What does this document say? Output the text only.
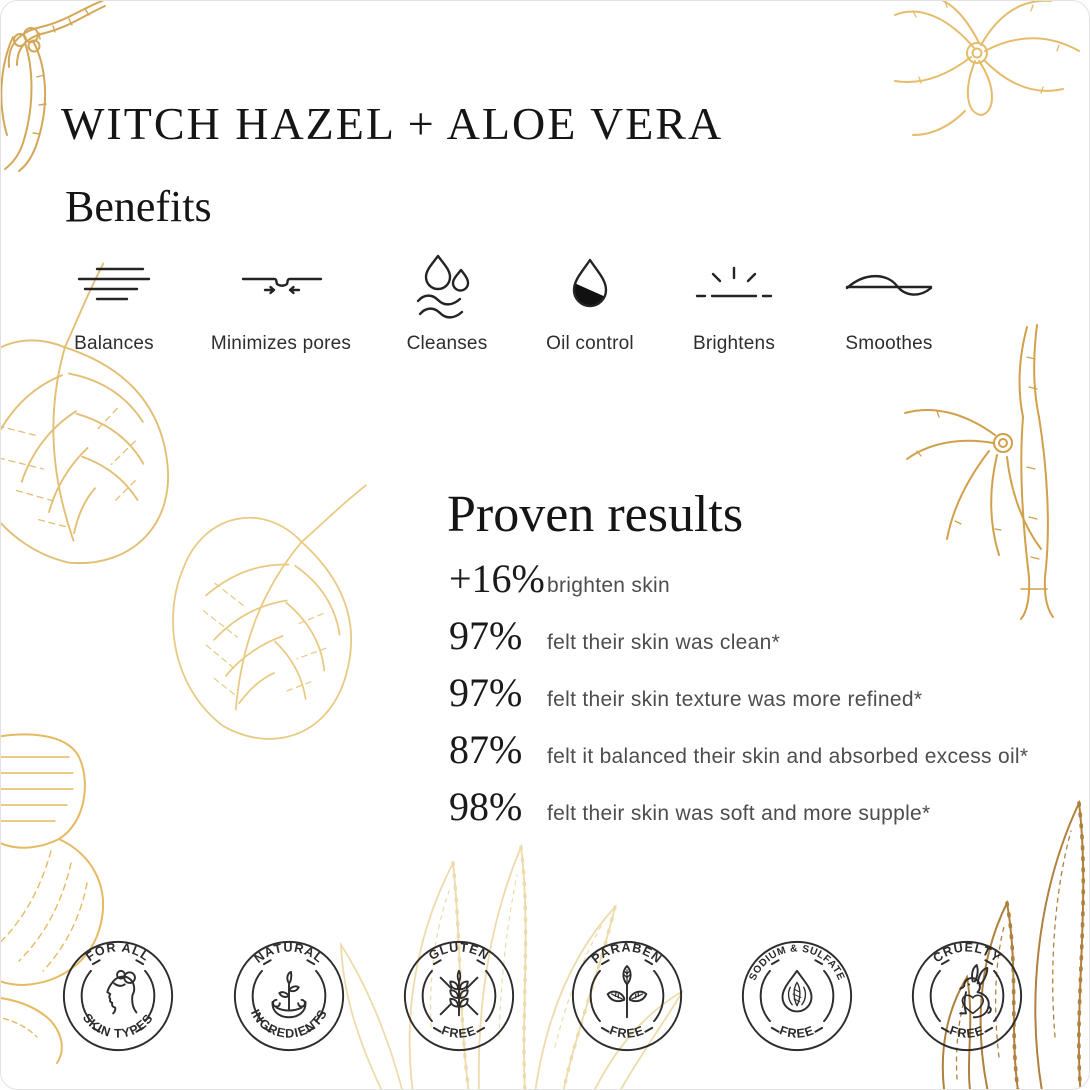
WITCH HAZEL + ALOE VERA
Benefits
Balances	Minimizes pores	Cleanses	Oil control	Brightens	Smoothes
Proven results
+16% brighten skin
97%	felt their skin was clean*
97%	felt their skin texture was more refined*
87%	felt it balanced their skin and absorbed excess oil*
98%	felt their skin was soft and more supple*
FOR ALL
SKIN TYPES
NATURAL
INGREDIENTS
GLUTEN
FREE
PARABEN
FREE
SODIUM & SULFATE
FREE
CRUELTY
FREE
